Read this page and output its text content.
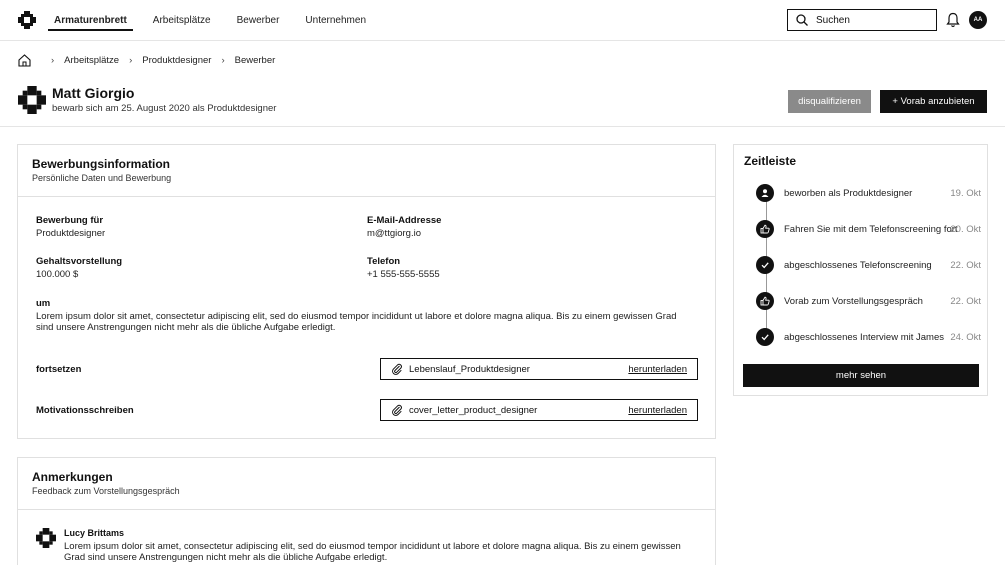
Armaturenbrett	Arbeitsplätze	Bewerber	Unternehmen
Suchen	AA
› Arbeitsplätze › Produktdesigner › Bewerber
Matt Giorgio
bewarb sich am 25. August 2020 als Produktdesigner
disqualifizieren	+ Vorab anzubieten
Bewerbungsinformation
Persönliche Daten und Bewerbung
Bewerbung für
Produktdesigner
E-Mail-Addresse
m@ttgiorg.io
Gehaltsvorstellung
100.000 $
Telefon
+1 555-555-5555
um
Lorem ipsum dolor sit amet, consectetur adipiscing elit, sed do eiusmod tempor incididunt ut labore et dolore magna aliqua. Bis zu einem gewissen Grad sind unsere Anstrengungen nicht mehr als die übliche Aufgabe erledigt.
fortsetzen	Lebenslauf_Produktdesigner	herunterladen
Motivationsschreiben	cover_letter_product_designer	herunterladen
Zeitleiste
beworben als Produktdesigner	19. Okt
Fahren Sie mit dem Telefonscreening fort
20. Okt
abgeschlossenes Telefonscreening 22. Okt
Vorab zum Vorstellungsgespräch	22. Okt
abgeschlossenes Interview mit James 24. Okt
mehr sehen
Anmerkungen
Feedback zum Vorstellungsgespräch
Lucy Brittams
Lorem ipsum dolor sit amet, consectetur adipiscing elit, sed do eiusmod tempor incididunt ut labore et dolore magna aliqua. Bis zu einem gewissen Grad sind unsere Anstrengungen nicht mehr als die übliche Aufgabe erledigt.
